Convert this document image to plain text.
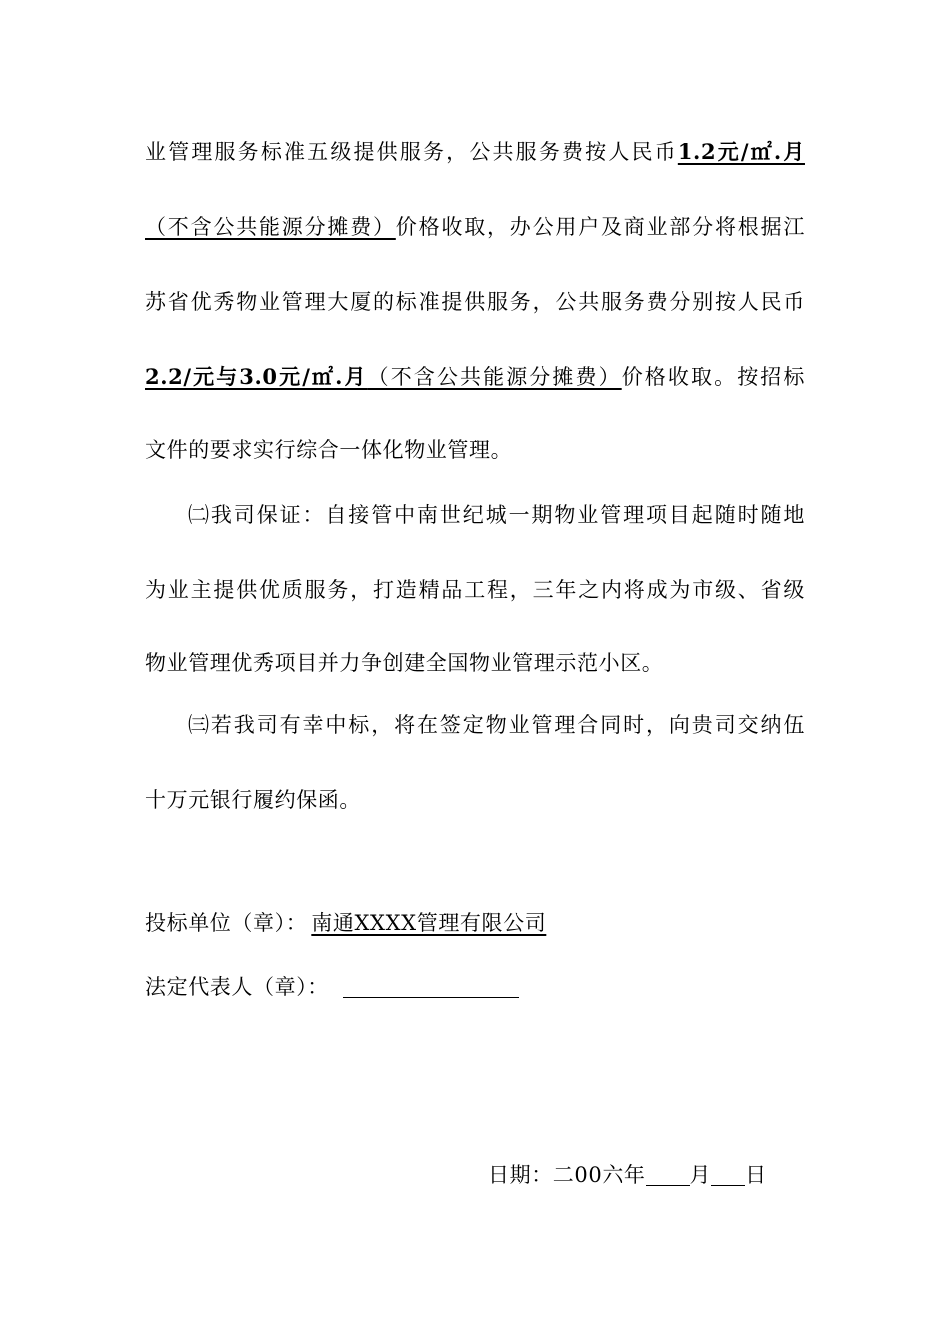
业管理服务标准五级提供服务，公共服务费按人民币1.2元/㎡.月
（不含公共能源分摊费）价格收取，办公用户及商业部分将根据江
苏省优秀物业管理大厦的标准提供服务，公共服务费分别按人民币
2.2/元与3.0元/㎡.月（不含公共能源分摊费）价格收取。按招标
文件的要求实行综合一体化物业管理。
㈡我司保证：自接管中南世纪城一期物业管理项目起随时随地
为业主提供优质服务，打造精品工程，三年之内将成为市级、省级
物业管理优秀项目并力争创建全国物业管理示范小区。
㈢若我司有幸中标，将在签定物业管理合同时，向贵司交纳伍
十万元银行履约保函。
投标单位（章）： 南通XXXX管理有限公司
法定代表人（章）：
日期：二00六年 月 日
